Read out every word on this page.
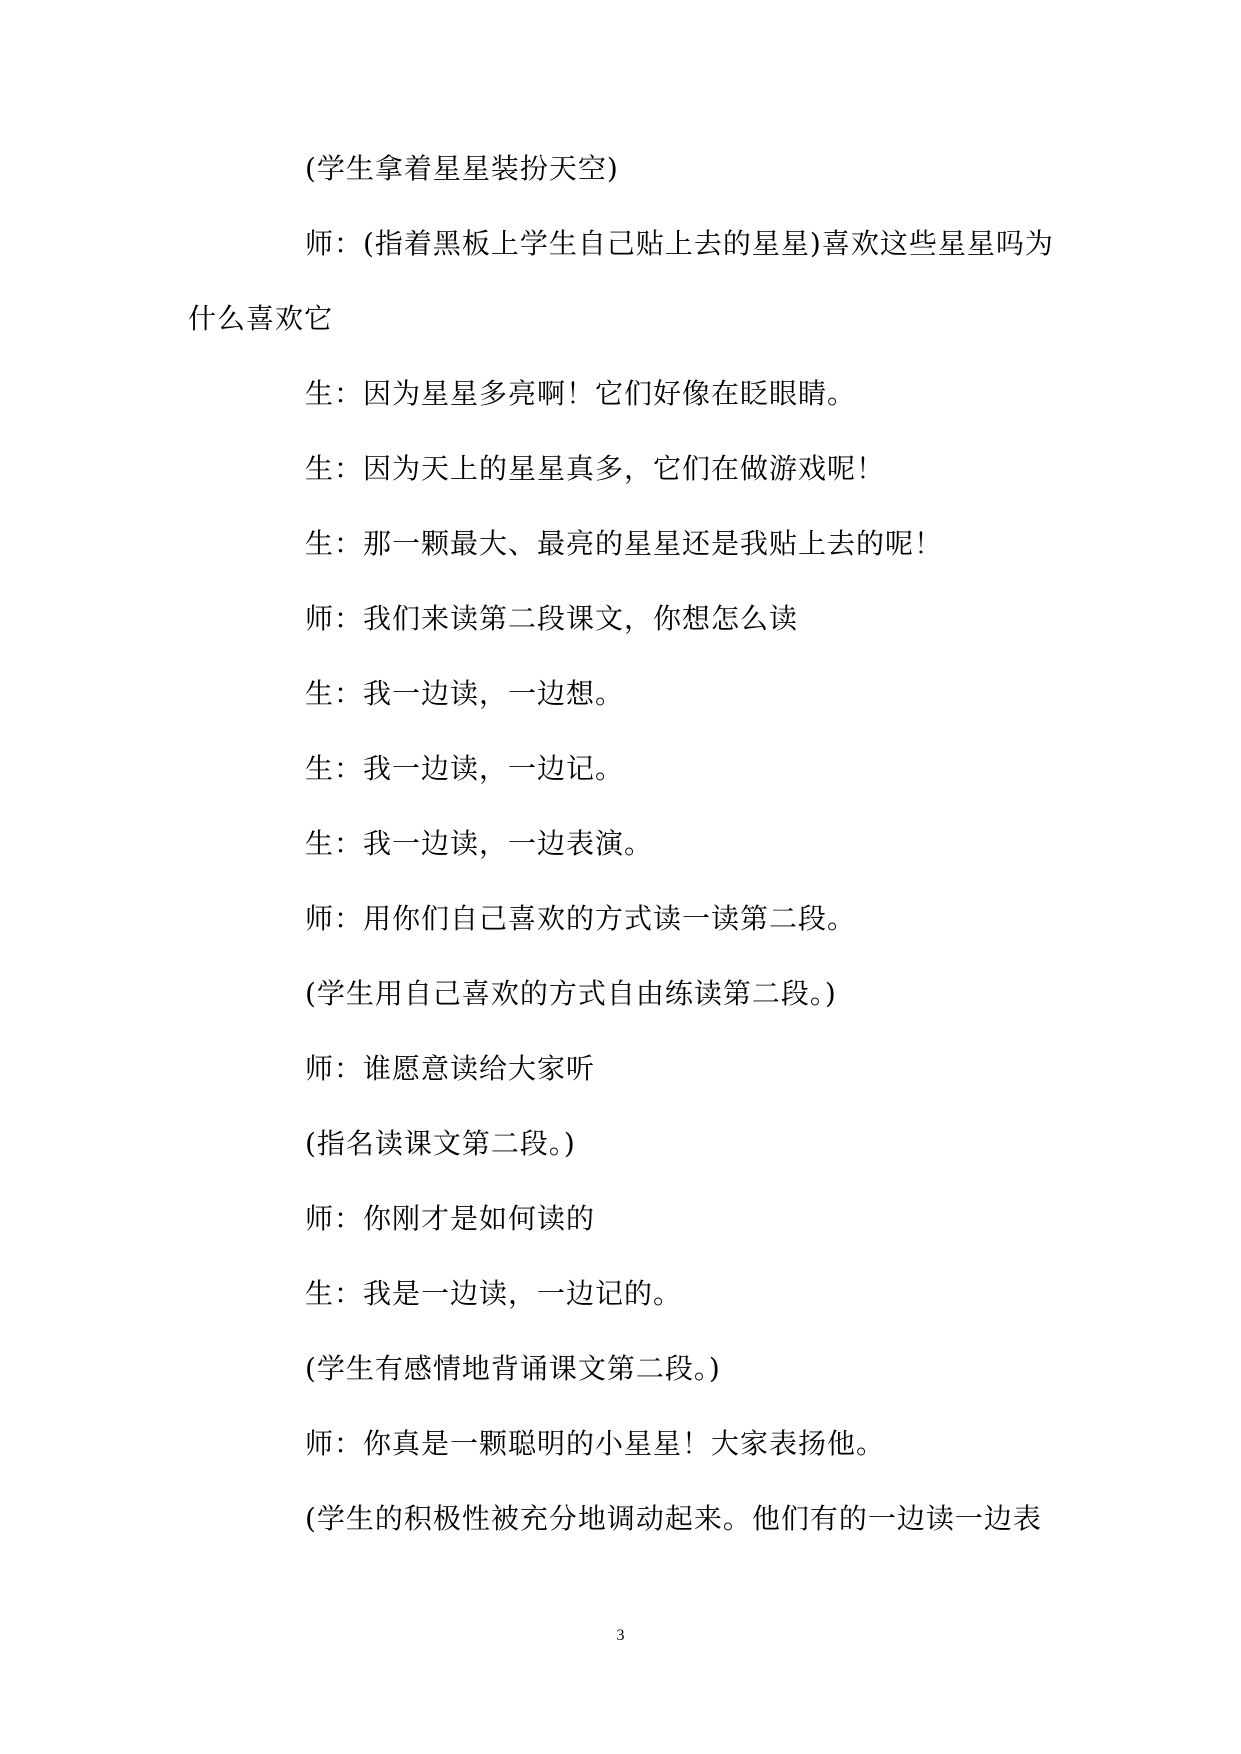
(学生拿着星星装扮天空)
师：(指着黑板上学生自己贴上去的星星)喜欢这些星星吗为
什么喜欢它
生：因为星星多亮啊！它们好像在眨眼睛。
生：因为天上的星星真多，它们在做游戏呢！
生：那一颗最大、最亮的星星还是我贴上去的呢！
师：我们来读第二段课文，你想怎么读
生：我一边读，一边想。
生：我一边读，一边记。
生：我一边读，一边表演。
师：用你们自己喜欢的方式读一读第二段。
(学生用自己喜欢的方式自由练读第二段。)
师：谁愿意读给大家听
(指名读课文第二段。)
师：你刚才是如何读的
生：我是一边读，一边记的。
(学生有感情地背诵课文第二段。)
师：你真是一颗聪明的小星星！大家表扬他。
(学生的积极性被充分地调动起来。他们有的一边读一边表
3
